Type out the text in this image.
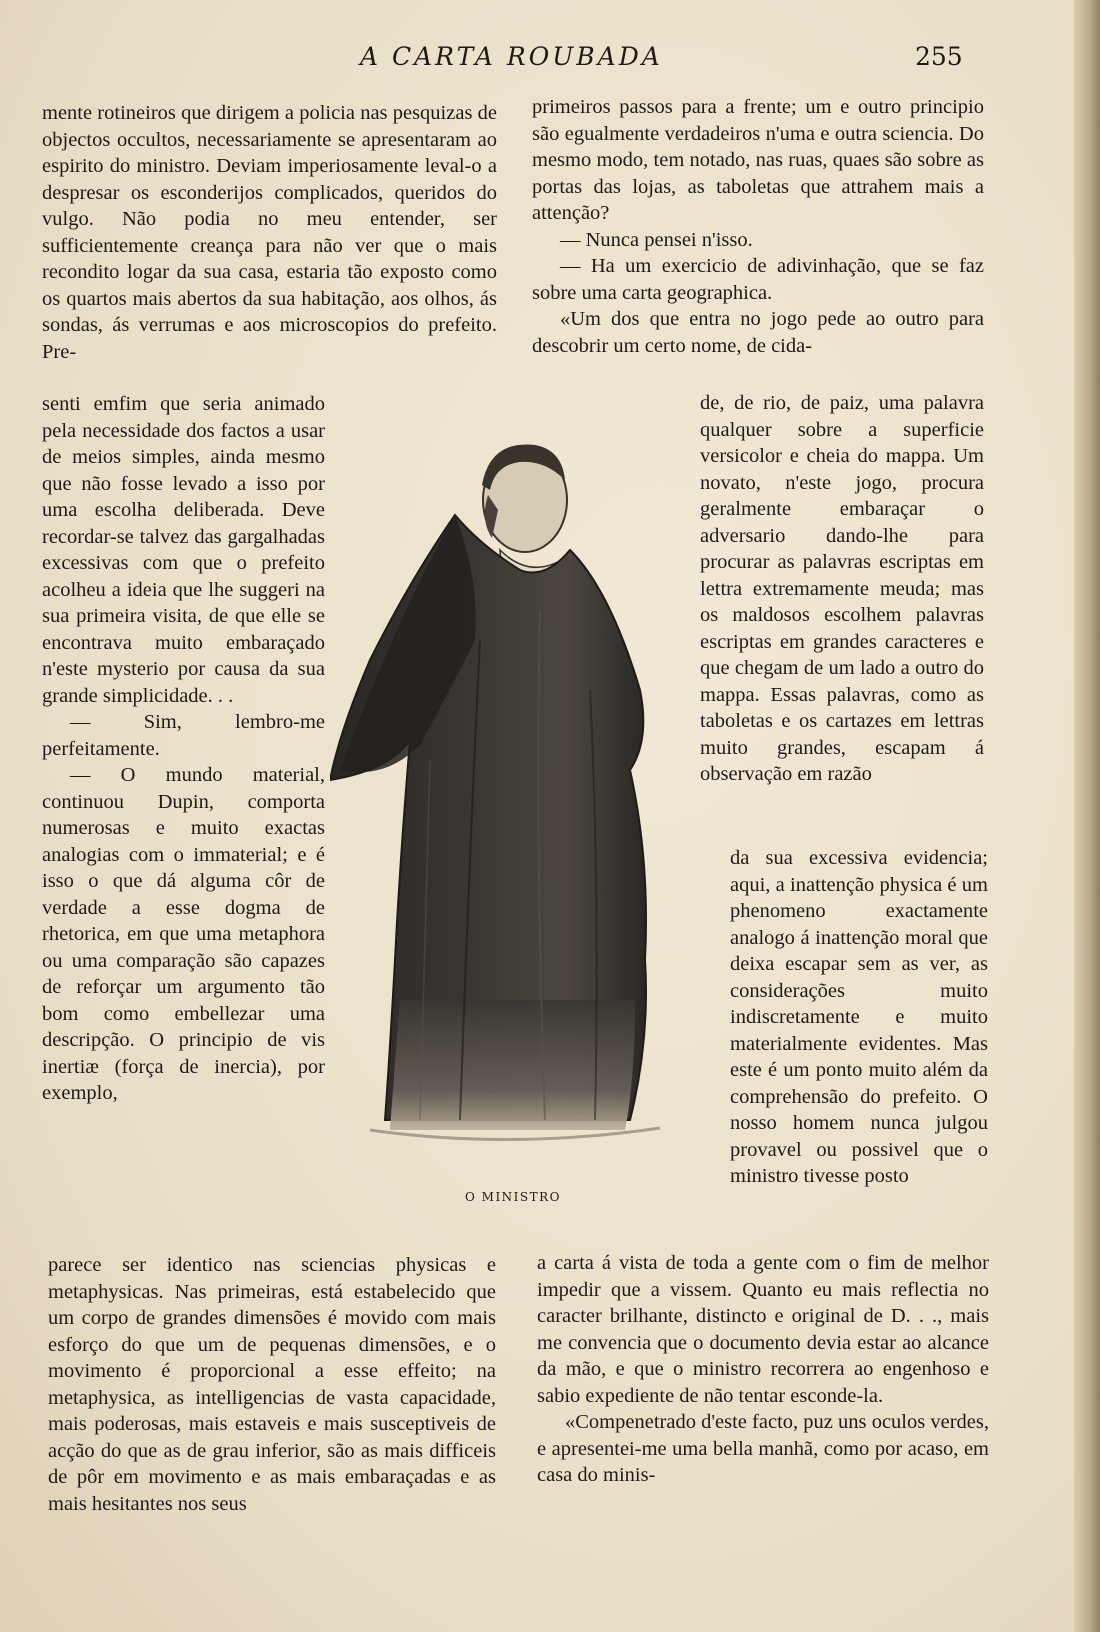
A CARTA ROUBADA	255

mente rotineiros que dirigem a policia nas pesquizas de objectos occultos, necessariamente se apresentaram ao espirito do ministro. Deviam imperiosamente leval-o a despresar os esconderijos complicados, queridos do vulgo. Não podia no meu entender, ser sufficientemente creança para não ver que o mais recondito logar da sua casa, estaria tão exposto como os quartos mais abertos da sua habitação, aos olhos, ás sondas, ás verrumas e aos microscopios do prefeito. Pre-

senti emfim que seria animado pela necessidade dos factos a usar de meios simples, ainda mesmo que não fosse levado a isso por uma escolha deliberada. Deve recordar-se talvez das gargalhadas excessivas com que o prefeito acolheu a ideia que lhe suggeri na sua primeira visita, de que elle se encontrava muito embaraçado n'este mysterio por causa da sua grande simplicidade. . .

— Sim, lembro-me perfeitamente.

— O mundo material, continuou Dupin, comporta numerosas e muito exactas analogias com o immaterial; e é isso o que dá alguma côr de verdade a esse dogma de rhetorica, em que uma metaphora ou uma comparação são capazes de reforçar um argumento tão bom como embellezar uma descripção. O principio de vis inertiæ (força de inercia), por exemplo,

parece ser identico nas sciencias physicas e metaphysicas. Nas primeiras, está estabelecido que um corpo de grandes dimensões é movido com mais esforço do que um de pequenas dimensões, e o movimento é proporcional a esse effeito; na metaphysica, as intelligencias de vasta capacidade, mais poderosas, mais estaveis e mais susceptiveis de acção do que as de grau inferior, são as mais difficeis de pôr em movimento e as mais embaraçadas e as mais hesitantes nos seus

primeiros passos para a frente; um e outro principio são egualmente verdadeiros n'uma e outra sciencia. Do mesmo modo, tem notado, nas ruas, quaes são sobre as portas das lojas, as taboletas que attrahem mais a attenção?

— Nunca pensei n'isso.

— Ha um exercicio de adivinhação, que se faz sobre uma carta geographica.

«Um dos que entra no jogo pede ao outro para descobrir um certo nome, de cida-

de, de rio, de paiz, uma palavra qualquer sobre a superficie versicolor e cheia do mappa. Um novato, n'este jogo, procura geralmente embaraçar o adversario dando-lhe para procurar as palavras escriptas em lettra extremamente meuda; mas os maldosos escolhem palavras escriptas em grandes caracteres e que chegam de um lado a outro do mappa. Essas palavras, como as taboletas e os cartazes em lettras muito grandes, escapam á observação em razão

da sua excessiva evidencia; aqui, a inattenção physica é um phenomeno exactamente analogo á inattenção moral que deixa escapar sem as ver, as considerações muito indiscretamente e muito materialmente evidentes. Mas este é um ponto muito além da comprehensão do prefeito. O nosso homem nunca julgou provavel ou possivel que o ministro tivesse posto

a carta á vista de toda a gente com o fim de melhor impedir que a vissem. Quanto eu mais reflectia no caracter brilhante, distincto e original de D. . ., mais me convencia que o documento devia estar ao alcance da mão, e que o ministro recorrera ao engenhoso e sabio expediente de não tentar esconde-la.

«Compenetrado d'este facto, puz uns oculos verdes, e apresentei-me uma bella manhã, como por acaso, em casa do minis-

O MINISTRO
